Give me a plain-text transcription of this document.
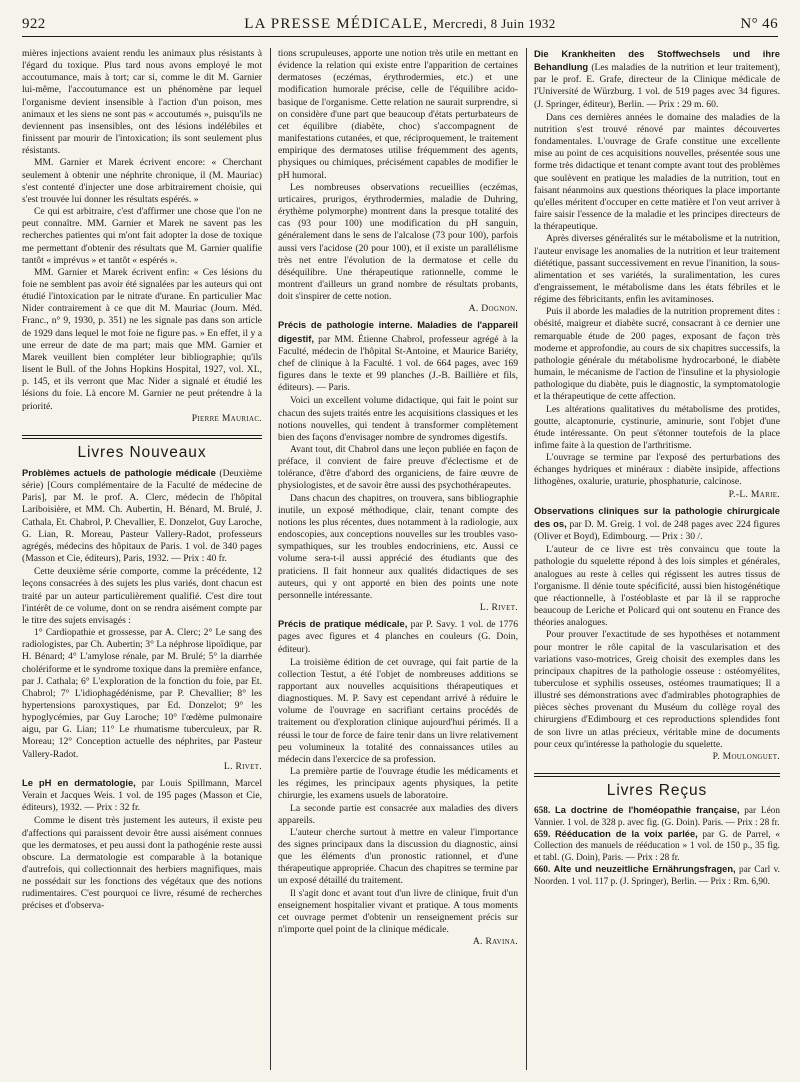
922	LA PRESSE MÉDICALE, Mercredi, 8 Juin 1932	N° 46

mières injections avaient rendu les animaux plus résistants à l'égard du toxique. Plus tard nous avons employé le mot accoutumance, mais à tort; car si, comme le dit M. Garnier lui-même, l'accoutumance est un phénomène par lequel l'organisme devient insensible à l'action d'un poison, mes animaux et les siens ne sont pas « accoutumés », puisqu'ils ne deviennent pas insensibles, ont des lésions indélébiles et finissent par mourir de l'intoxication; ils sont seulement plus résistants.

MM. Garnier et Marek écrivent encore: « Cherchant seulement à obtenir une néphrite chronique, il (M. Mauriac) s'est contenté d'injecter une dose arbitrairement choisie, qui s'est trouvée lui donner les résultats espérés. »

Ce qui est arbitraire, c'est d'affirmer une chose que l'on ne peut connaître. MM. Garnier et Marek ne savent pas les recherches patientes qui m'ont fait adopter la dose de toxique me permettant d'obtenir des résultats que M. Garnier qualifie tantôt « imprévus » et tantôt « espérés ».

MM. Garnier et Marek écrivent enfin: « Ces lésions du foie ne semblent pas avoir été signalées par les auteurs qui ont étudié l'intoxication par le nitrate d'urane. En particulier Mac Nider contrairement à ce que dit M. Mauriac (Journ. Méd. Franc., n° 9, 1930, p. 351) ne les signale pas dans son article de 1929 dans lequel le mot foie ne figure pas. » En effet, il y a une erreur de date de ma part; mais que MM. Garnier et Marek veuillent bien compléter leur bibliographie; qu'ils lisent le Bull. of the Johns Hopkins Hospital, 1927, vol. XL, p. 145, et ils verront que Mac Nider a signalé et étudié les lésions du foie. Là encore M. Garnier ne peut prétendre à la priorité.

Pierre Mauriac.

Livres Nouveaux

Problèmes actuels de pathologie médicale (Deuxième série) [Cours complémentaire de la Faculté de médecine de Paris], par M. le prof. A. Clerc, médecin de l'hôpital Lariboisière, et MM. Ch. Aubertin, H. Bénard, M. Brulé, J. Cathala, Et. Chabrol, P. Chevallier, E. Donzelot, Guy Laroche, G. Lian, R. Moreau, Pasteur Vallery-Radot, professeurs agrégés, médecins des hôpitaux de Paris. 1 vol. de 340 pages (Masson et Cie, éditeurs), Paris, 1932. — Prix : 40 fr.

Cette deuxième série comporte, comme la précédente, 12 leçons consacrées à des sujets les plus variés, dont chacun est traité par un auteur particulièrement qualifié. C'est dire tout l'intérêt de ce volume, dont on se rendra aisément compte par le titre des sujets envisagés :

1° Cardiopathie et grossesse, par A. Clerc; 2° Le sang des radiologistes, par Ch. Aubertin; 3° La néphrose lipoïdique, par H. Bénard; 4° L'amylose rénale, par M. Brulé; 5° la diarrhée cholériforme et le syndrome toxique dans la première enfance, par J. Cathala; 6° L'exploration de la fonction du foie, par Et. Chabrol; 7° L'idiophagédénisme, par P. Chevallier; 8° les hypertensions paroxystiques, par Ed. Donzelot; 9° les hypoglycémies, par Guy Laroche; 10° l'œdème pulmonaire aigu, par G. Lian; 11° Le rhumatisme tuberculeux, par R. Moreau; 12° Conception actuelle des néphrites, par Pasteur Vallery-Radot.

L. Rivet.

Le pH en dermatologie, par Louis Spillmann, Marcel Verain et Jacques Weis. 1 vol. de 195 pages (Masson et Cie, éditeurs), 1932. — Prix : 32 fr.

Comme le disent très justement les auteurs, il existe peu d'affections qui paraissent devoir être aussi aisément connues que les dermatoses, et peu aussi dont la pathogénie reste aussi obscure. La dermatologie est comparable à la botanique d'autrefois, qui collectionnait des herbiers magnifiques, mais ne possédait sur les fonctions des végétaux que des notions rudimentaires. C'est pourquoi ce livre, résumé de recherches précises et d'observa-

tions scrupuleuses, apporte une notion très utile en mettant en évidence la relation qui existe entre l'apparition de certaines dermatoses (eczémas, érythrodermies, etc.) et une modification humorale précise, celle de l'équilibre acido-basique de l'organisme. Cette relation ne saurait surprendre, si on considère d'une part que beaucoup d'états perturbateurs de cet équilibre (diabète, choc) s'accompagnent de manifestations cutanées, et que, réciproquement, le traitement empirique des dermatoses utilise fréquemment des agents, physiques ou chimiques, précisément capables de modifier le pH humoral.

Les nombreuses observations recueillies (eczémas, urticaires, prurigos, érythrodermies, maladie de Duhring, érythème polymorphe) montrent dans la presque totalité des cas (93 pour 100) une modification du pH sanguin, généralement dans le sens de l'alcalose (73 pour 100), parfois aussi vers l'acidose (20 pour 100), et il existe un parallélisme très net entre l'évolution de la dermatose et celle du déséquilibre. Une thérapeutique rationnelle, comme le montrent d'ailleurs un grand nombre de résultats probants, doit s'inspirer de cette notion.

A. Dognon.

Précis de pathologie interne. Maladies de l'appareil digestif, par MM. Étienne Chabrol, professeur agrégé à la Faculté, médecin de l'hôpital St-Antoine, et Maurice Bariéty, chef de clinique à la Faculté. 1 vol. de 664 pages, avec 169 figures dans le texte et 99 planches (J.-B. Baillière et fils, éditeurs). — Paris.

Voici un excellent volume didactique, qui fait le point sur chacun des sujets traités entre les acquisitions classiques et les notions nouvelles, qui tendent à transformer complètement bien des façons d'envisager nombre de syndromes digestifs.

Avant tout, dit Chabrol dans une leçon publiée en façon de préface, il convient de faire preuve d'éclectisme et de tolérance, d'être d'abord des organiciens, de faire œuvre de physiologistes, et de savoir être aussi des psychothérapeutes.

Dans chacun des chapitres, on trouvera, sans bibliographie inutile, un exposé méthodique, clair, tenant compte des notions les plus récentes, dues notamment à la radiologie, aux endoscopies, aux conceptions nouvelles sur les troubles vaso-sympathiques, sur les troubles endocriniens, etc. Aussi ce volume sera-t-il aussi apprécié des étudiants que des praticiens. Il fait honneur aux qualités didactiques de ses auteurs, qui y ont apporté en bien des points une note personnelle intéressante.

L. Rivet.

Précis de pratique médicale, par P. Savy. 1 vol. de 1776 pages avec figures et 4 planches en couleurs (G. Doin, éditeur).

La troisième édition de cet ouvrage, qui fait partie de la collection Testut, a été l'objet de nombreuses additions se rapportant aux nouvelles acquisitions thérapeutiques et diagnostiques. M. P. Savy est cependant arrivé à réduire le volume de l'ouvrage en sacrifiant certains procédés de traitement ou d'exploration clinique aujourd'hui périmés. Il a réussi le tour de force de faire tenir dans un livre relativement peu volumineux la totalité des connaissances utiles au médecin dans l'exercice de sa profession.

La première partie de l'ouvrage étudie les médicaments et les régimes, les principaux agents physiques, la petite chirurgie, les examens usuels de laboratoire.

La seconde partie est consacrée aux maladies des divers appareils.

L'auteur cherche surtout à mettre en valeur l'importance des signes principaux dans la discussion du diagnostic, ainsi que les éléments d'un pronostic rationnel, et d'une thérapeutique appropriée. Chacun des chapitres se termine par un exposé détaillé du traitement.

Il s'agit donc et avant tout d'un livre de clinique, fruit d'un enseignement hospitalier vivant et pratique. A tous moments cet ouvrage permet d'obtenir un renseignement précis sur n'importe quel point de la clinique médicale.

A. Ravina.

Die Krankheiten des Stoffwechsels und ihre Behandlung (Les maladies de la nutrition et leur traitement), par le prof. E. Grafe, directeur de la Clinique médicale de l'Université de Würzburg. 1 vol. de 519 pages avec 34 figures. (J. Springer, éditeur), Berlin. — Prix : 29 m. 60.

Dans ces dernières années le domaine des maladies de la nutrition s'est trouvé rénové par maintes découvertes fondamentales. L'ouvrage de Grafe constitue une excellente mise au point de ces acquisitions nouvelles, présentée sous une forme très didactique et tenant compte avant tout des problèmes que soulèvent en pratique les maladies de la nutrition, tout en faisant néanmoins aux questions théoriques la place importante qu'elles méritent d'occuper en cette matière et l'on veut arriver à faire saisir l'essence de la maladie et les principes directeurs de la thérapeutique.

Après diverses généralités sur le métabolisme et la nutrition, l'auteur envisage les anomalies de la nutrition et leur traitement diététique, passant successivement en revue l'inanition, la sous-alimentation et ses variétés, la suralimentation, les cures d'engraissement, le métabolisme dans les états fébriles et le régime des fébricitants, enfin les avitaminoses.

Puis il aborde les maladies de la nutrition proprement dites : obésité, maigreur et diabète sucré, consacrant à ce dernier une remarquable étude de 200 pages, exposant de façon très moderne et approfondie, au cours de six chapitres successifs, la pathologie générale du métabolisme hydrocarboné, le diabète humain, le mécanisme de l'action de l'insuline et la physiologie pathologique du diabète, puis le diagnostic, la symptomatologie et la thérapeutique de cette affection.

Les altérations qualitatives du métabolisme des protides, goutte, alcaptonurie, cystinurie, aminurie, sont l'objet d'une étude intéressante. On peut s'étonner toutefois de la place infime faite à la question de l'arthritisme.

L'ouvrage se termine par l'exposé des perturbations des échanges hydriques et minéraux : diabète insipide, affections lithogènes, oxalurie, uraturie, phosphaturie, calcinose.

P.-L. Marie.

Observations cliniques sur la pathologie chirurgicale des os, par D. M. Greig. 1 vol. de 248 pages avec 224 figures (Oliver et Boyd), Edimbourg. — Prix : 30 /.

L'auteur de ce livre est très convaincu que toute la pathologie du squelette répond à des lois simples et générales, analogues au reste à celles qui régissent les autres tissus de l'organisme. Il dénie toute spécificité, aussi bien histogénétique que réactionnelle, à l'ostéoblaste et par là il se rapproche beaucoup de Leriche et Policard qui ont soutenu en France des théories analogues.

Pour prouver l'exactitude de ses hypothèses et notamment pour montrer le rôle capital de la vascularisation et des variations vaso-motrices, Greig choisit des exemples dans les principaux chapitres de la pathologie osseuse : ostéomyélites, tuberculose et syphilis osseuses, ostéomes traumatiques; Il a illustré ses démonstrations avec d'admirables photographies de pièces sèches provenant du Muséum du collège royal des chirurgiens d'Edimbourg et ces reproductions splendides font de son livre un atlas précieux, véritable mine de documents pour ceux qu'intéresse la pathologie du squelette.

P. Moulonguet.

Livres Reçus

658. La doctrine de l'homéopathie française, par Léon Vannier. 1 vol. de 328 p. avec fig. (G. Doin). Paris. — Prix : 28 fr.

659. Rééducation de la voix parlée, par G. de Parrel, « Collection des manuels de rééducation » 1 vol. de 150 p., 35 fig. et tabl. (G. Doin), Paris. — Prix : 28 fr.

660. Alte und neuzeitliche Ernährungsfragen, par Carl v. Noorden. 1 vol. 117 p. (J. Springer), Berlin. — Prix : Rm. 6,90.
